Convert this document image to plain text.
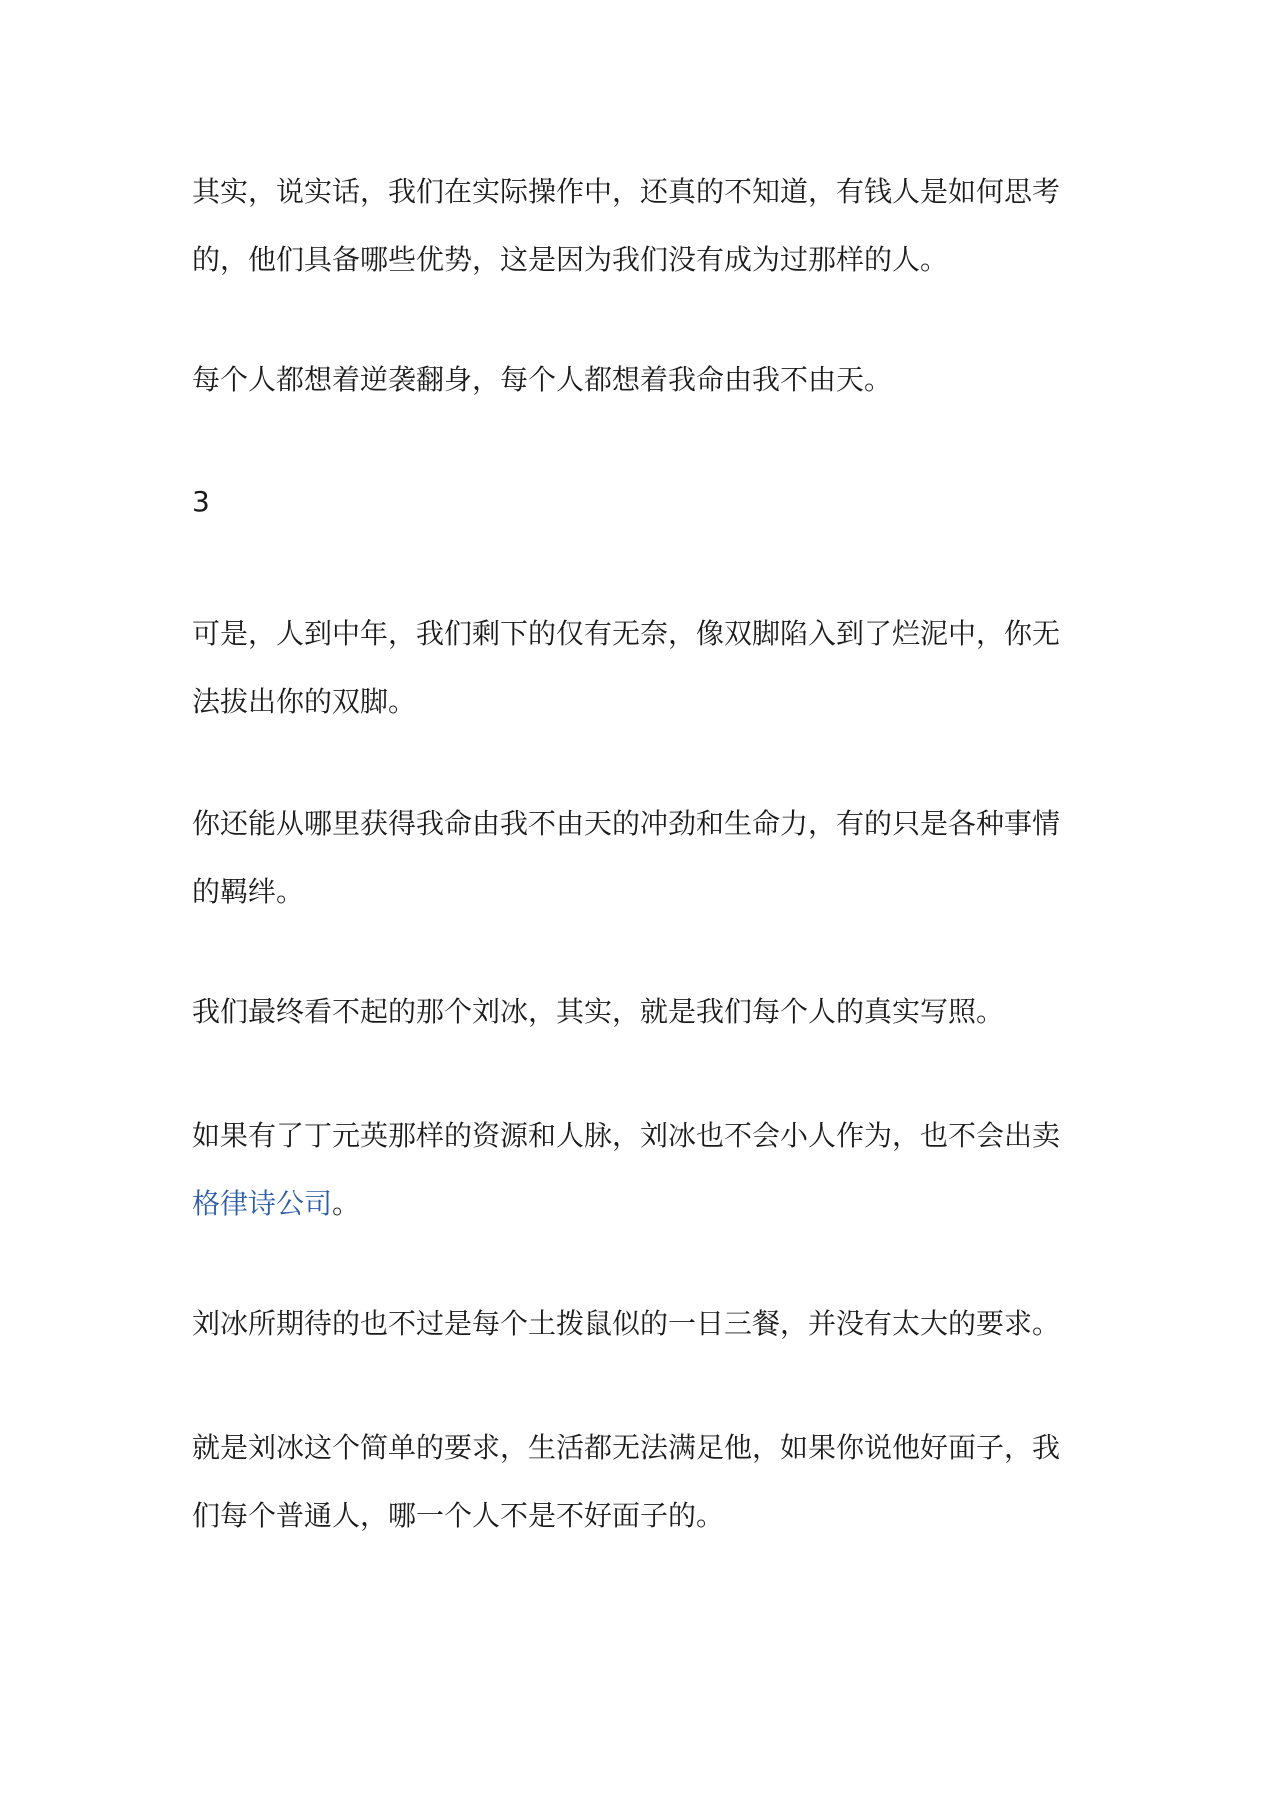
其实，说实话，我们在实际操作中，还真的不知道，有钱人是如何思考
的，他们具备哪些优势，这是因为我们没有成为过那样的人。

每个人都想着逆袭翻身，每个人都想着我命由我不由天。

3

可是，人到中年，我们剩下的仅有无奈，像双脚陷入到了烂泥中，你无
法拔出你的双脚。

你还能从哪里获得我命由我不由天的冲劲和生命力，有的只是各种事情
的羁绊。

我们最终看不起的那个刘冰，其实，就是我们每个人的真实写照。

如果有了丁元英那样的资源和人脉，刘冰也不会小人作为，也不会出卖
格律诗公司。

刘冰所期待的也不过是每个土拨鼠似的一日三餐，并没有太大的要求。

就是刘冰这个简单的要求，生活都无法满足他，如果你说他好面子，我
们每个普通人，哪一个人不是不好面子的。
